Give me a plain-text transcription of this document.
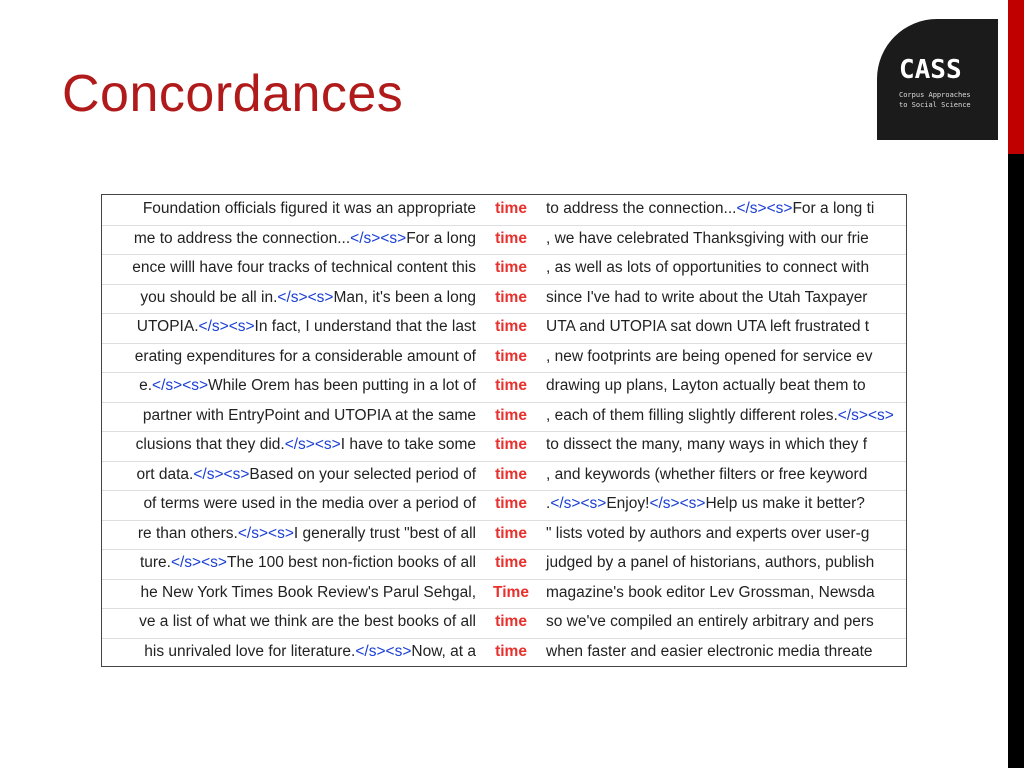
Concordances	CASS
Corpus Approaches
to Social Science
Foundation officials figured it was an appropriate	time	to address the connection...</s><s>For a long ti
me to address the connection...</s><s>For a long	time	, we have celebrated Thanksgiving with our frie
ence willl have four tracks of technical content this	time	, as well as lots of opportunities to connect with
you should be all in.</s><s>Man, it's been a long	time	since I've had to write about the Utah Taxpayer
UTOPIA.</s><s>In fact, I understand that the last	time	UTA and UTOPIA sat down UTA left frustrated t
erating expenditures for a considerable amount of	time	, new footprints are being opened for service ev
e.</s><s>While Orem has been putting in a lot of	time	drawing up plans, Layton actually beat them to
partner with EntryPoint and UTOPIA at the same	time	, each of them filling slightly different roles.</s><s>
clusions that they did.</s><s>I have to take some	time	to dissect the many, many ways in which they f
ort data.</s><s>Based on your selected period of	time	, and keywords (whether filters or free keyword
of terms were used in the media over a period of	time	.</s><s>Enjoy!</s><s>Help us make it better?
re than others.</s><s>I generally trust "best of all	time	" lists voted by authors and experts over user-g
ture.</s><s>The 100 best non-fiction books of all	time	judged by a panel of historians, authors, publish
he New York Times Book Review's Parul Sehgal,	Time	magazine's book editor Lev Grossman, Newsda
ve a list of what we think are the best books of all	time	so we've compiled an entirely arbitrary and pers
his unrivaled love for literature.</s><s>Now, at a	time	when faster and easier electronic media threate
